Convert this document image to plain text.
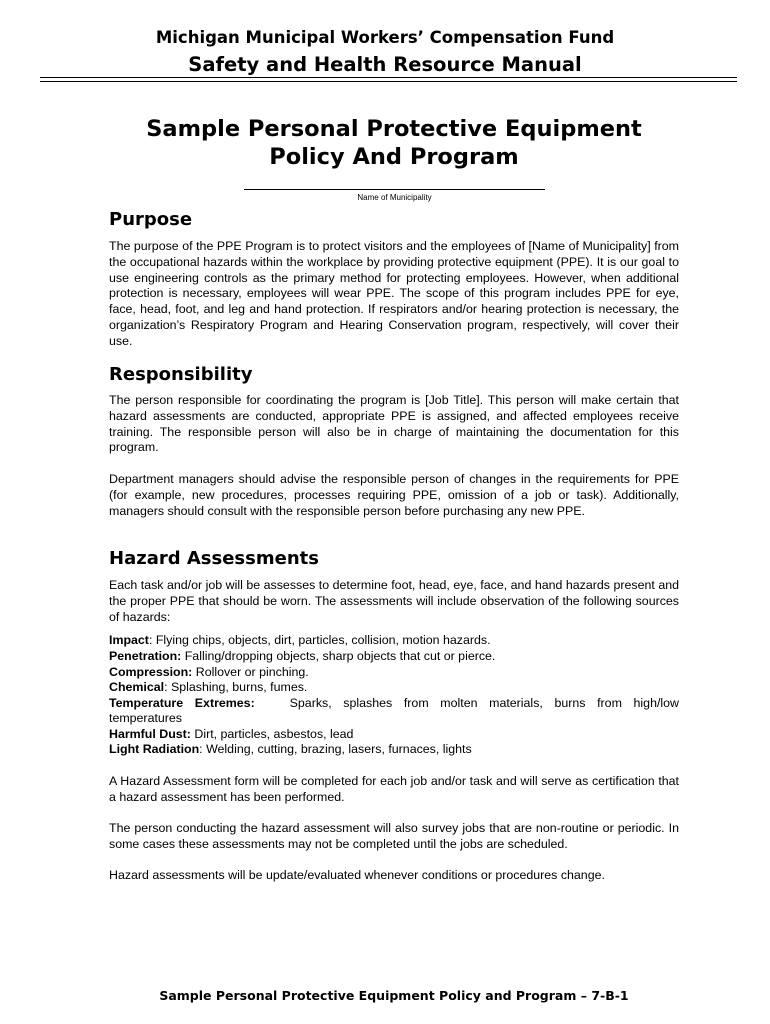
Michigan Municipal Workers’ Compensation Fund
Safety and Health Resource Manual
Sample Personal Protective Equipment
Policy And Program
Name of Municipality
Purpose

The purpose of the PPE Program is to protect visitors and the employees of [Name of Municipality] from the occupational hazards within the workplace by providing protective equipment (PPE). It is our goal to use engineering controls as the primary method for protecting employees. However, when additional protection is necessary, employees will wear PPE. The scope of this program includes PPE for eye, face, head, foot, and leg and hand protection. If respirators and/or hearing protection is necessary, the organization’s Respiratory Program and Hearing Conservation program, respectively, will cover their use.

Responsibility

The person responsible for coordinating the program is [Job Title]. This person will make certain that hazard assessments are conducted, appropriate PPE is assigned, and affected employees receive training. The responsible person will also be in charge of maintaining the documentation for this program.

Department managers should advise the responsible person of changes in the requirements for PPE (for example, new procedures, processes requiring PPE, omission of a job or task). Additionally, managers should consult with the responsible person before purchasing any new PPE.

Hazard Assessments

Each task and/or job will be assesses to determine foot, head, eye, face, and hand hazards present and the proper PPE that should be worn. The assessments will include observation of the following sources of hazards:

Impact: Flying chips, objects, dirt, particles, collision, motion hazards.
Penetration: Falling/dropping objects, sharp objects that cut or pierce.
Compression: Rollover or pinching.
Chemical: Splashing, burns, fumes.
Temperature Extremes:	Sparks, splashes from molten materials, burns from high/low
temperatures
Harmful Dust: Dirt, particles, asbestos, lead
Light Radiation: Welding, cutting, brazing, lasers, furnaces, lights

A Hazard Assessment form will be completed for each job and/or task and will serve as certification that a hazard assessment has been performed.

The person conducting the hazard assessment will also survey jobs that are non-routine or periodic. In some cases these assessments may not be completed until the jobs are scheduled.

Hazard assessments will be update/evaluated whenever conditions or procedures change.

Sample Personal Protective Equipment Policy and Program – 7-B-1
